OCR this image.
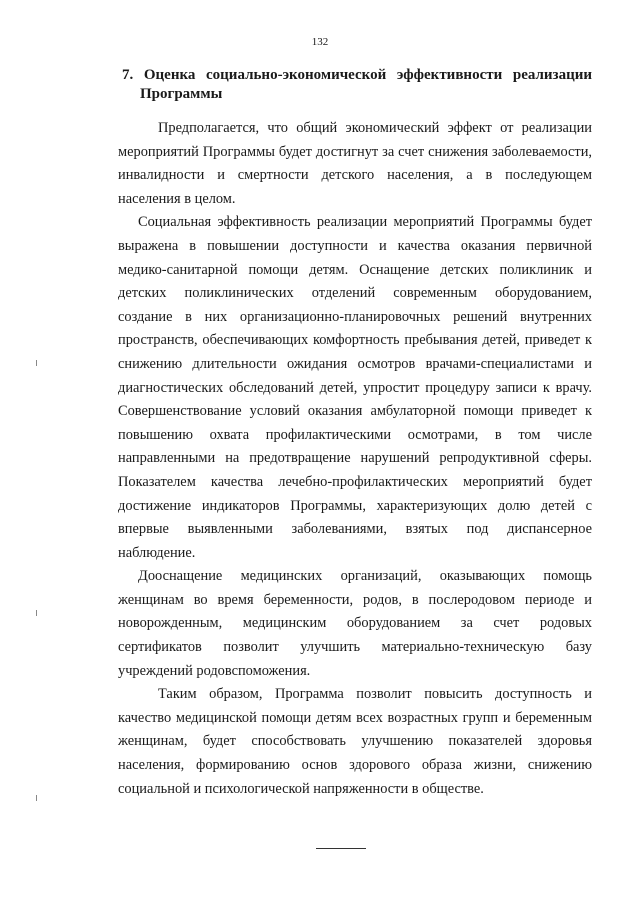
132
7. Оценка социально-экономической эффективности реализации
Программы

Предполагается, что общий экономический эффект от реализации мероприятий Программы будет достигнут за счет снижения заболеваемости, инвалидности и смертности детского населения, а в последующем населения в целом.

Социальная эффективность реализации мероприятий Программы будет выражена в повышении доступности и качества оказания первичной медико-санитарной помощи детям. Оснащение детских поликлиник и детских поликлинических отделений современным оборудованием, создание в них организационно-планировочных решений внутренних пространств, обеспечивающих комфортность пребывания детей, приведет к снижению длительности ожидания осмотров врачами-специалистами и диагностических обследований детей, упростит процедуру записи к врачу. Совершенствование условий оказания амбулаторной помощи приведет к повышению охвата профилактическими осмотрами, в том числе направленными на предотвращение нарушений репродуктивной сферы. Показателем качества лечебно-профилактических мероприятий будет достижение индикаторов Программы, характеризующих долю детей с впервые выявленными заболеваниями, взятых под диспансерное наблюдение.

Дооснащение медицинских организаций, оказывающих помощь женщинам во время беременности, родов, в послеродовом периоде и новорожденным, медицинским оборудованием за счет родовых сертификатов позволит улучшить материально-техническую базу учреждений родовспоможения.

Таким образом, Программа позволит повысить доступность и качество медицинской помощи детям всех возрастных групп и беременным женщинам, будет способствовать улучшению показателей здоровья населения, формированию основ здорового образа жизни, снижению социальной и психологической напряженности в обществе.
